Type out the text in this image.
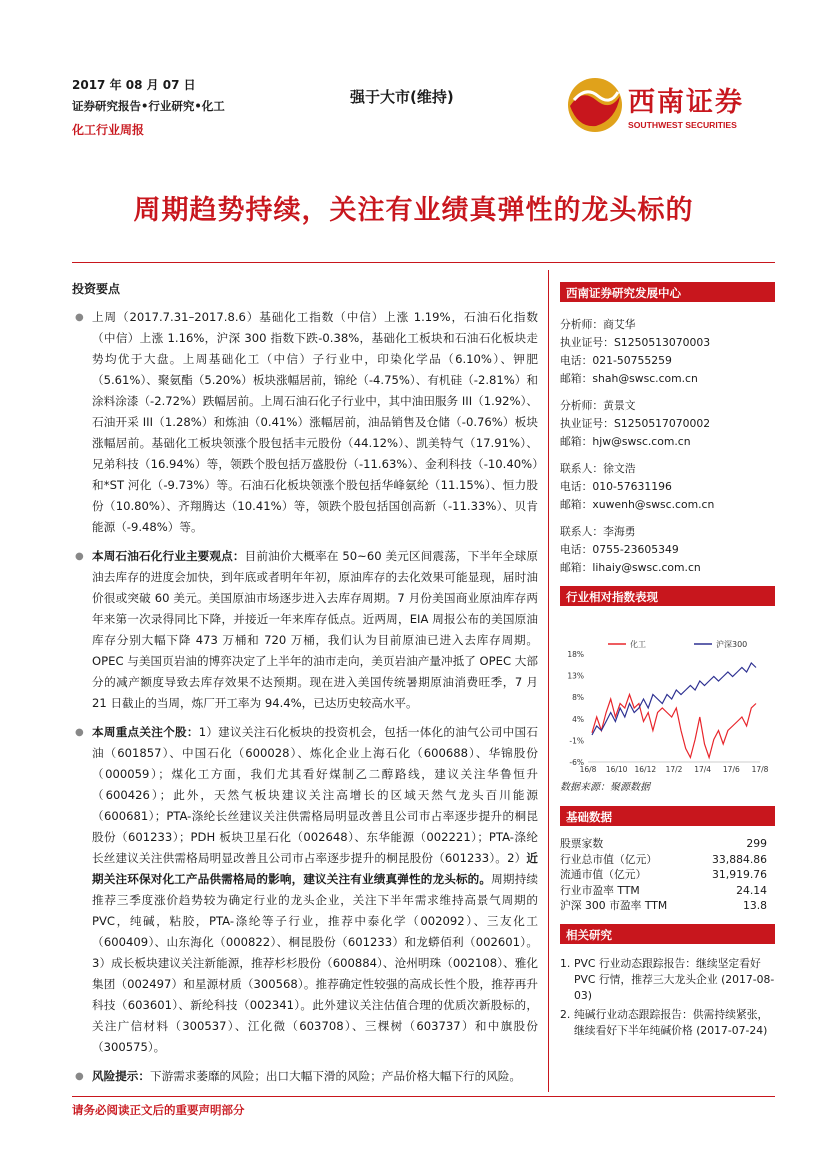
2017 年 08 月 07 日
证券研究报告•行业研究•化工
化工行业周报
强于大市(维持)	西南证券
SOUTHWEST SECURITIES
周期趋势持续，关注有业绩真弹性的龙头标的
投资要点
● 上周（2017.7.31–2017.8.6）基础化工指数（中信）上涨 1.19%，石油石化指数（中信）上涨 1.16%，沪深 300 指数下跌-0.38%，基础化工板块和石油石化板块走势均优于大盘。上周基础化工（中信）子行业中，印染化学品（6.10%）、钾肥（5.61%）、聚氨酯（5.20%）板块涨幅居前，锦纶（-4.75%）、有机硅（-2.81%）和涂料涂漆（-2.72%）跌幅居前。上周石油石化子行业中，其中油田服务 III（1.92%）、石油开采 III（1.28%）和炼油（0.41%）涨幅居前，油品销售及仓储（-0.76%）板块涨幅居前。基础化工板块领涨个股包括丰元股份（44.12%）、凯美特气（17.91%）、兄弟科技（16.94%）等，领跌个股包括万盛股份（-11.63%）、金利科技（-10.40%）和*ST 河化（-9.73%）等。石油石化板块领涨个股包括华峰氨纶（11.15%）、恒力股份（10.80%）、齐翔腾达（10.41%）等，领跌个股包括国创高新（-11.33%）、贝肯能源（-9.48%）等。
● 本周石油石化行业主要观点：目前油价大概率在 50~60 美元区间震荡，下半年全球原油去库存的进度会加快，到年底或者明年年初，原油库存的去化效果可能显现，届时油价很或突破 60 美元。美国原油市场逐步进入去库存周期。7 月份美国商业原油库存两年来第一次录得同比下降，并接近一年来库存低点。近两周，EIA 周报公布的美国原油库存分别大幅下降 473 万桶和 720 万桶，我们认为目前原油已进入去库存周期。OPEC 与美国页岩油的博弈决定了上半年的油市走向，美页岩油产量冲抵了 OPEC 大部分的减产额度导致去库存效果不达预期。现在进入美国传统暑期原油消费旺季，7 月 21 日截止的当周，炼厂开工率为 94.4%，已达历史较高水平。
● 本周重点关注个股：1）建议关注石化板块的投资机会，包括一体化的油气公司中国石油（601857）、中国石化（600028）、炼化企业上海石化（600688）、华锦股份（000059）；煤化工方面，我们尤其看好煤制乙二醇路线，建议关注华鲁恒升（600426）；此外，天然气板块建议关注高增长的区域天然气龙头百川能源（600681）；PTA-涤纶长丝建议关注供需格局明显改善且公司市占率逐步提升的桐昆股份（601233）；PDH 板块卫星石化（002648）、东华能源（002221）；PTA-涤纶长丝建议关注供需格局明显改善且公司市占率逐步提升的桐昆股份（601233）。2）近期关注环保对化工产品供需格局的影响，建议关注有业绩真弹性的龙头标的。周期持续推荐三季度涨价趋势较为确定行业的龙头企业，关注下半年需求维持高景气周期的 PVC，纯碱，粘胶，PTA-涤纶等子行业，推荐中泰化学（002092）、三友化工（600409）、山东海化（000822）、桐昆股份（601233）和龙蟒佰利（002601）。3）成长板块建议关注新能源，推荐杉杉股份（600884）、沧州明珠（002108）、雅化集团（002497）和星源材质（300568）。推荐确定性较强的高成长性个股，推荐再升科技（603601）、新纶科技（002341）。此外建议关注估值合理的优质次新股标的，关注广信材料（300537）、江化微（603708）、三棵树（603737）和中旗股份（300575）。
● 风险提示：下游需求萎靡的风险；出口大幅下滑的风险；产品价格大幅下行的风险。
西南证券研究发展中心
分析师：商艾华
执业证号：S1250513070003
电话：021-50755259
邮箱：shah@swsc.com.cn
分析师：黄景文
执业证号：S1250517070002
邮箱：hjw@swsc.com.cn
联系人：徐文浩
电话：010-57631196
邮箱：xuwenh@swsc.com.cn
联系人：李海勇
电话：0755-23605349
邮箱：lihaiy@swsc.com.cn
行业相对指数表现
18%
13%
8%
4%
-1%
-6%
16/8 16/10 16/12 17/2 17/4 17/6 17/8
化工	沪深300
数据来源：聚源数据
基础数据
股票家数	299
行业总市值（亿元）	33,884.86
流通市值（亿元）	31,919.76
行业市盈率 TTM	24.14
沪深 300 市盈率 TTM	13.8
相关研究
1. PVC 行业动态跟踪报告：继续坚定看好 PVC 行情，推荐三大龙头企业 (2017-08-03)
2. 纯碱行业动态跟踪报告：供需持续紧张，继续看好下半年纯碱价格 (2017-07-24)
请务必阅读正文后的重要声明部分
